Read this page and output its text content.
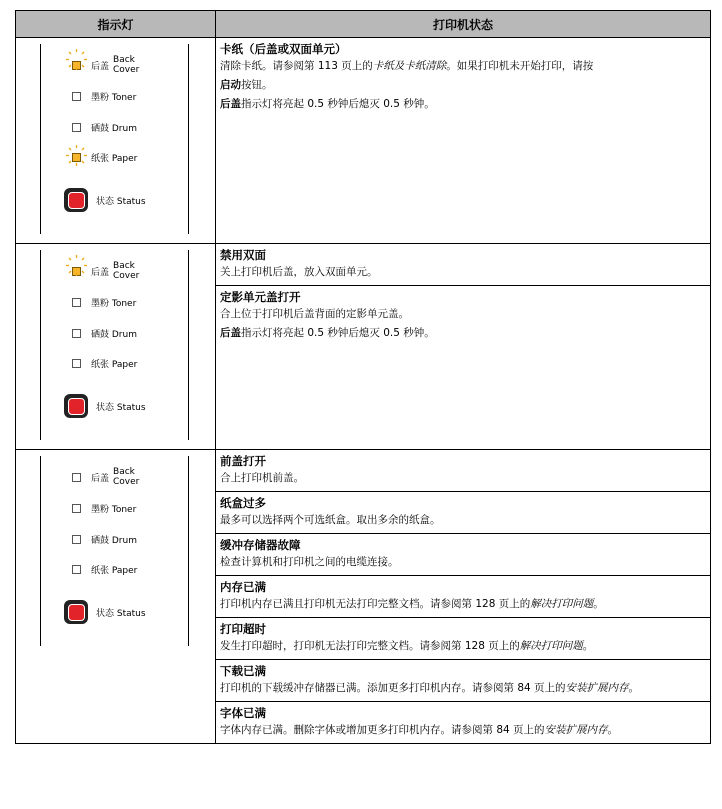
指示灯	打印机状态
后盖
Back
Cover
墨粉 Toner
硒鼓 Drum
纸张 Paper
状态 Status
卡纸（后盖或双面单元）
清除卡纸。请参阅第 113 页上的卡纸及卡纸清除。如果打印机未开始打印，请按
启动按钮。
后盖指示灯将亮起 0.5 秒钟后熄灭 0.5 秒钟。
后盖
Back
Cover
墨粉 Toner
硒鼓 Drum
纸张 Paper
状态 Status
禁用双面
关上打印机后盖，放入双面单元。
定影单元盖打开
合上位于打印机后盖背面的定影单元盖。
后盖指示灯将亮起 0.5 秒钟后熄灭 0.5 秒钟。
后盖
Back
Cover
墨粉 Toner
硒鼓 Drum
纸张 Paper
状态 Status
前盖打开
合上打印机前盖。
纸盒过多
最多可以选择两个可选纸盒。取出多余的纸盒。
缓冲存储器故障
检查计算机和打印机之间的电缆连接。
内存已满
打印机内存已满且打印机无法打印完整文档。请参阅第 128 页上的解决打印问题。
打印超时
发生打印超时，打印机无法打印完整文档。请参阅第 128 页上的解决打印问题。
下载已满
打印机的下载缓冲存储器已满。添加更多打印机内存。请参阅第 84 页上的安装扩展内存。
字体已满
字体内存已满。删除字体或增加更多打印机内存。请参阅第 84 页上的安装扩展内存。
